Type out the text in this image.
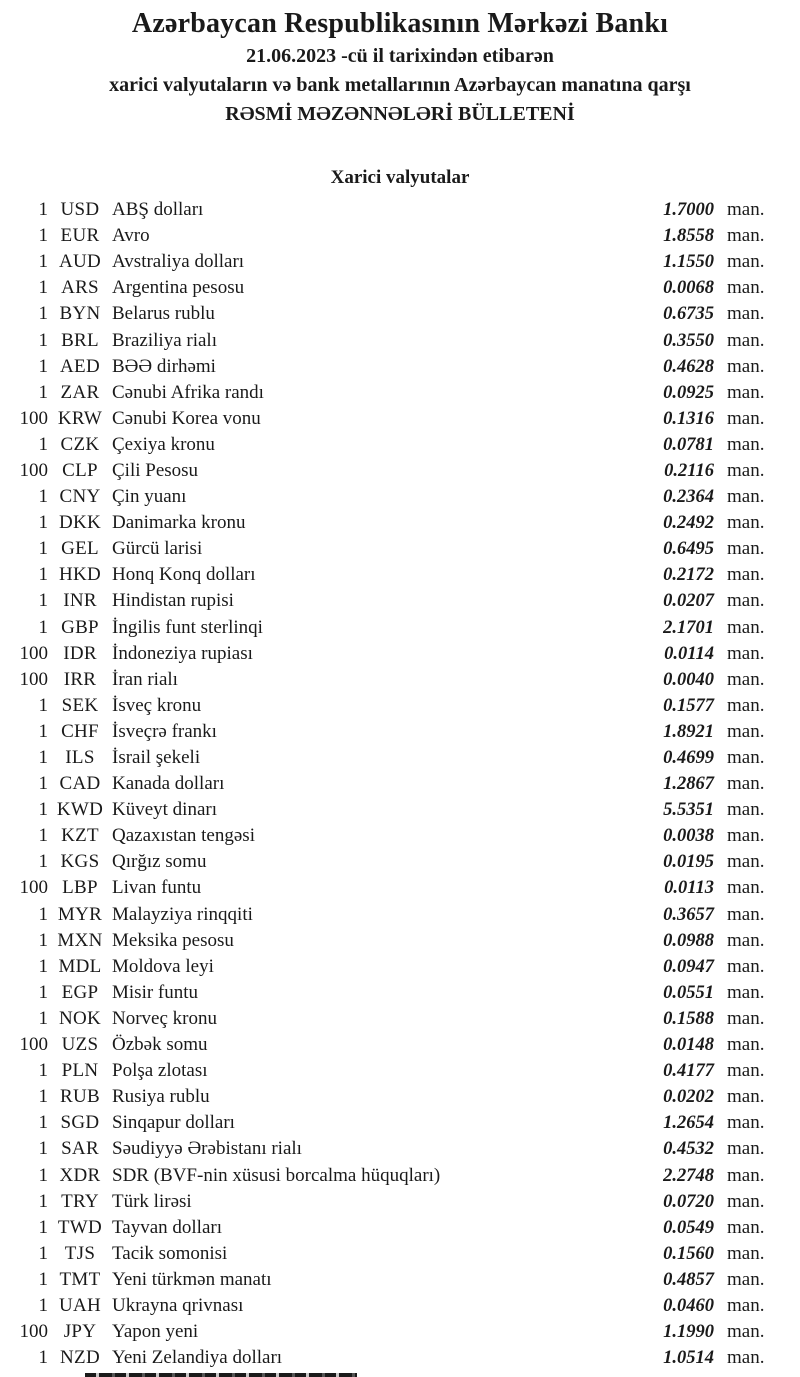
Azərbaycan Respublikasının Mərkəzi Bankı

21.06.2023 -cü il tarixindən etibarən

xarici valyutaların və bank metallarının Azərbaycan manatına qarşı

RƏSMİ MƏZƏNNƏLƏRİ BÜLLETENİ

Xarici valyutalar
1 USD ABŞ dolları	1.7000 man.
1 EUR Avro	1.8558 man.
1 AUD Avstraliya dolları	1.1550 man.
1 ARS Argentina pesosu	0.0068 man.
1 BYN Belarus rublu	0.6735 man.
1 BRL Braziliya rialı	0.3550 man.
1 AED BƏƏ dirhəmi	0.4628 man.
1 ZAR Cənubi Afrika randı	0.0925 man.
100 KRW Cənubi Korea vonu	0.1316 man.
1 CZK Çexiya kronu	0.0781 man.
100 CLP Çili Pesosu	0.2116 man.
1 CNY Çin yuanı	0.2364 man.
1 DKK Danimarka kronu	0.2492 man.
1 GEL Gürcü larisi	0.6495 man.
1 HKD Honq Konq dolları	0.2172 man.
1 INR Hindistan rupisi	0.0207 man.
1 GBP İngilis funt sterlinqi	2.1701 man.
100 IDR İndoneziya rupiası	0.0114 man.
100 IRR İran rialı	0.0040 man.
1 SEK İsveç kronu	0.1577 man.
1 CHF İsveçrə frankı	1.8921 man.
1 ILS İsrail şekeli	0.4699 man.
1 CAD Kanada dolları	1.2867 man.
1 KWD Küveyt dinarı	5.5351 man.
1 KZT Qazaxıstan tengəsi	0.0038 man.
1 KGS Qırğız somu	0.0195 man.
100 LBP Livan funtu	0.0113 man.
1 MYR Malayziya rinqqiti	0.3657 man.
1 MXN Meksika pesosu	0.0988 man.
1 MDL Moldova leyi	0.0947 man.
1 EGP Misir funtu	0.0551 man.
1 NOK Norveç kronu	0.1588 man.
100 UZS Özbək somu	0.0148 man.
1 PLN Polşa zlotası	0.4177 man.
1 RUB Rusiya rublu	0.0202 man.
1 SGD Sinqapur dolları	1.2654 man.
1 SAR Səudiyyə Ərəbistanı rialı	0.4532 man.
1 XDR SDR (BVF-nin xüsusi borcalma hüquqları)	2.2748 man.
1 TRY Türk lirəsi	0.0720 man.
1 TWD Tayvan dolları	0.0549 man.
1 TJS Tacik somonisi	0.1560 man.
1 TMT Yeni türkmən manatı	0.4857 man.
1 UAH Ukrayna qrivnası	0.0460 man.
100 JPY Yapon yeni	1.1990 man.
1 NZD Yeni Zelandiya dolları	1.0514 man.
